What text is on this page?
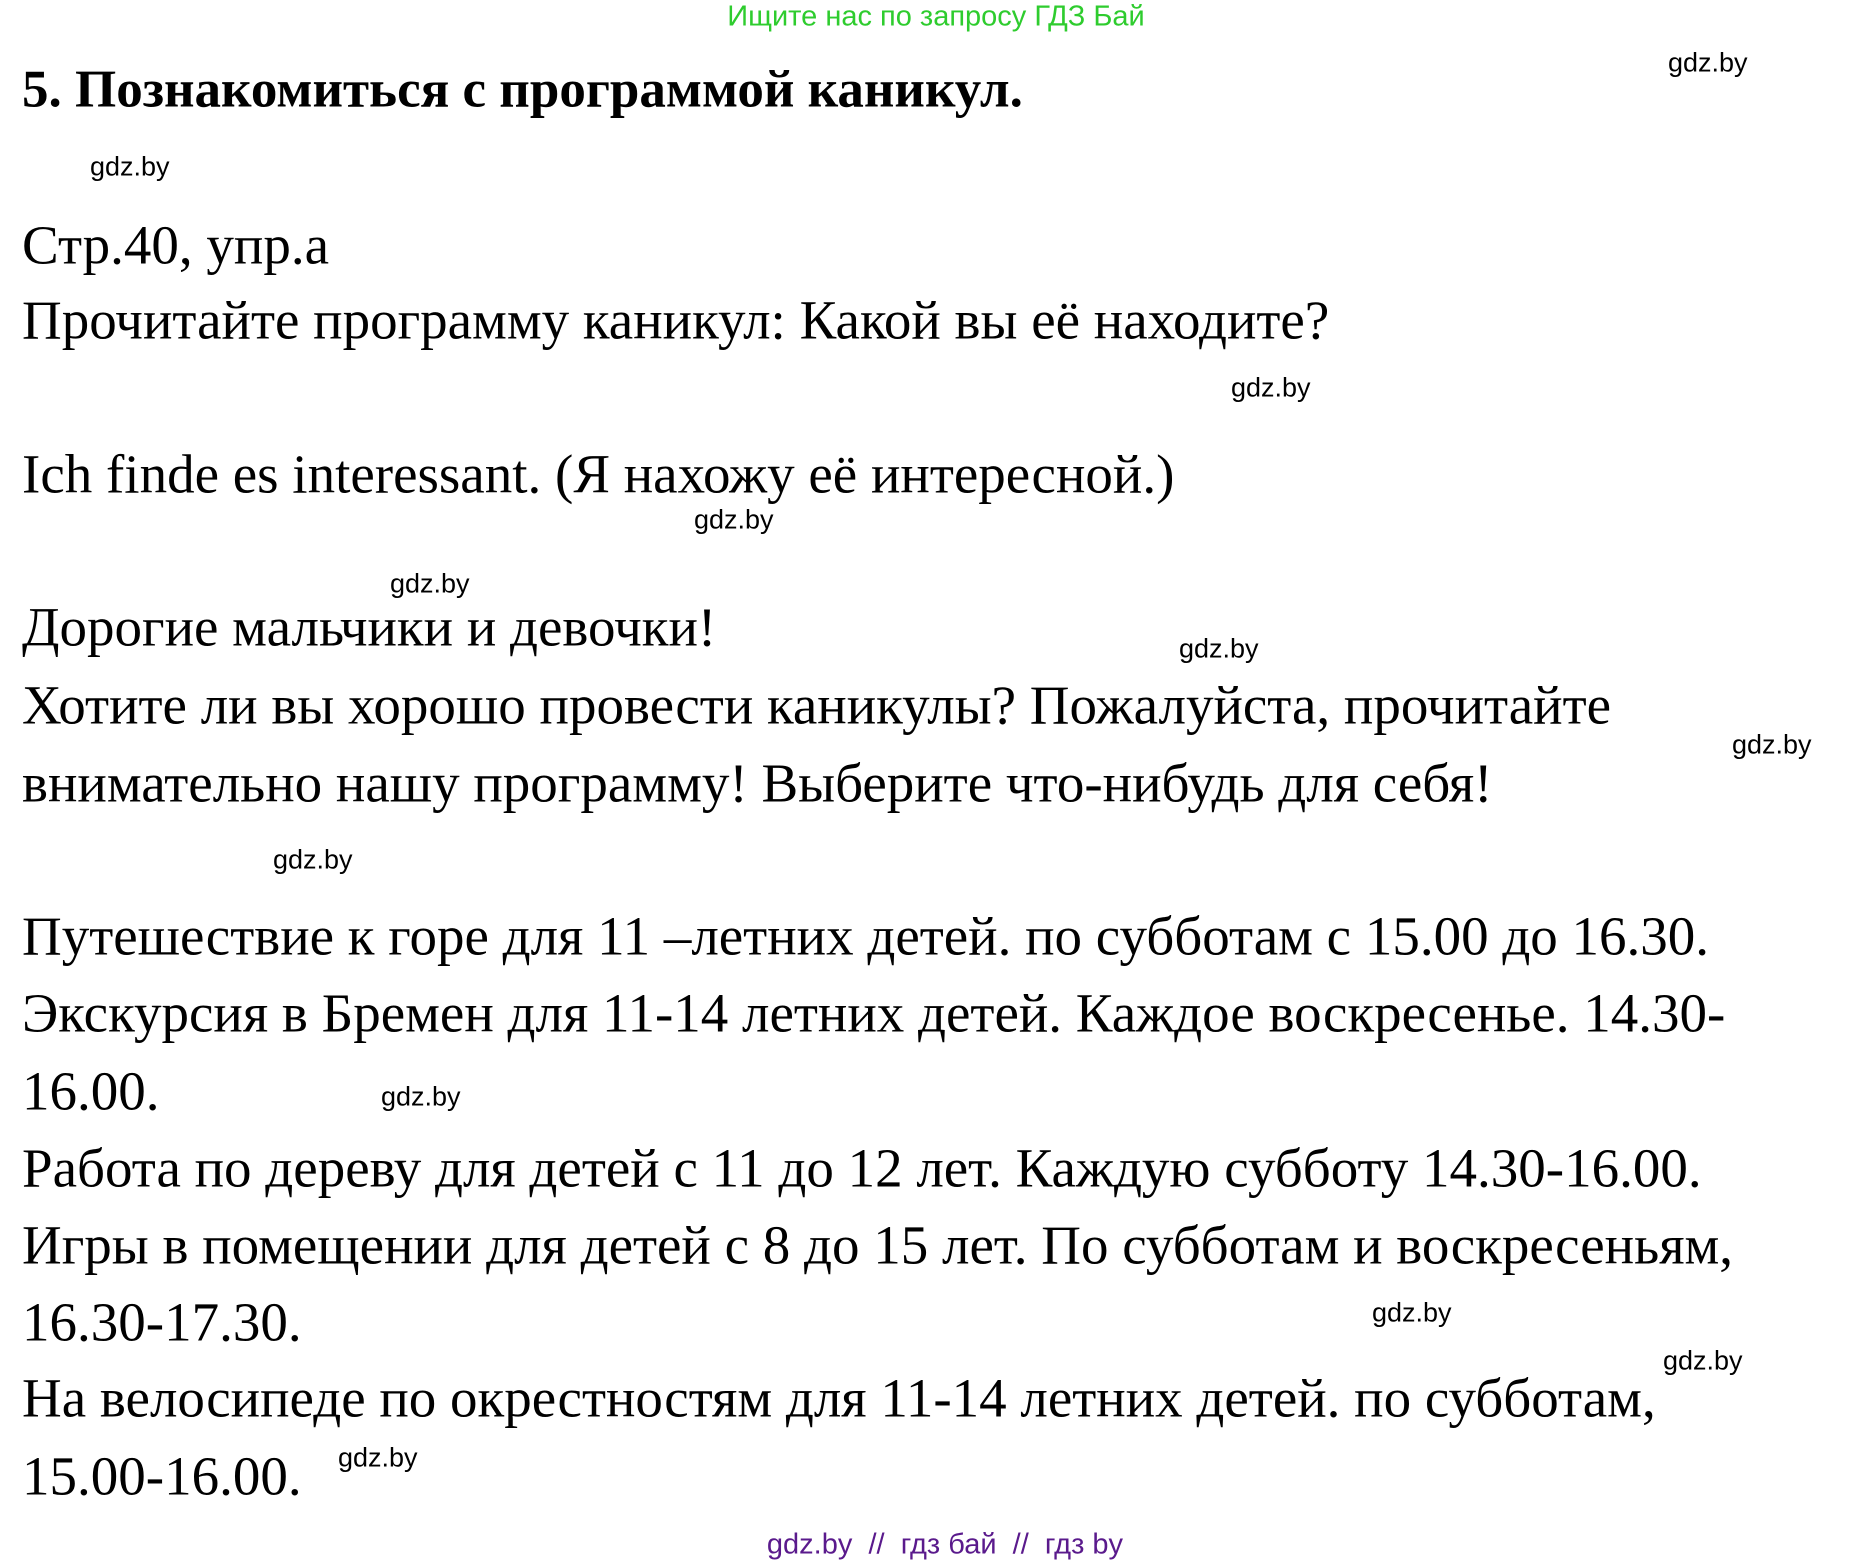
Ищите нас по запросу ГДЗ Бай
5. Познакомиться с программой каникул.
Стр.40, упр.а
Прочитайте программу каникул: Какой вы её находите?
Ich finde es interessant. (Я нахожу её интересной.)
Дорогие мальчики и девочки!
Хотите ли вы хорошо провести каникулы? Пожалуйста, прочитайте
внимательно нашу программу! Выберите что-нибудь для себя!
Путешествие к горе для 11 –летних детей. по субботам с 15.00 до 16.30.
Экскурсия в Бремен для 11-14 летних детей. Каждое воскресенье. 14.30-
16.00.
Работа по дереву для детей с 11 до 12 лет. Каждую субботу 14.30-16.00.
Игры в помещении для детей с 8 до 15 лет. По субботам и воскресеньям,
16.30-17.30.
На велосипеде по окрестностям для 11-14 летних детей. по субботам,
15.00-16.00.
gdz.by
gdz.by
gdz.by
gdz.by
gdz.by
gdz.by
gdz.by
gdz.by
gdz.by
gdz.by
gdz.by
gdz.by
gdz.by  //  гдз бай  //  гдз by
